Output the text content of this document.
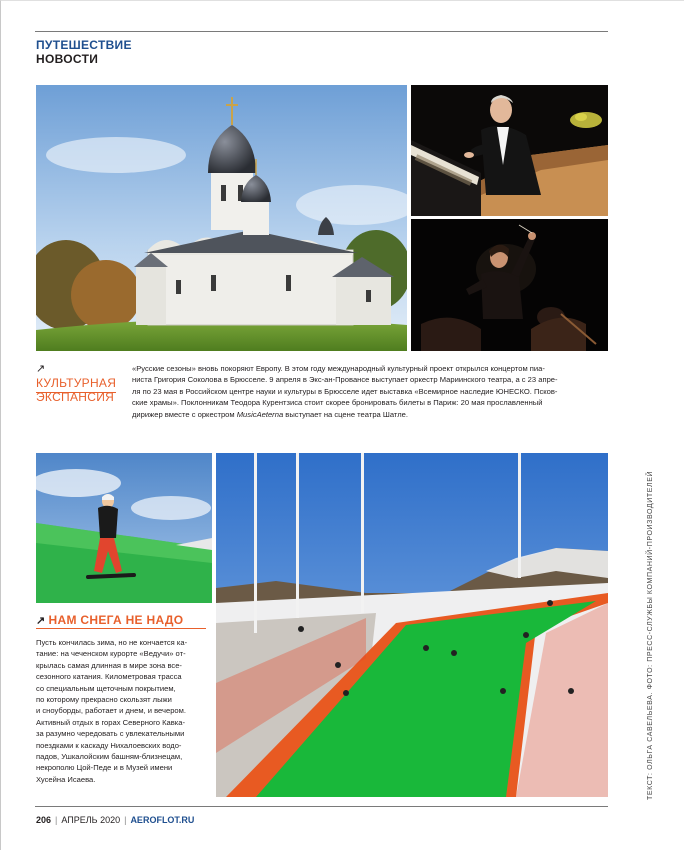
ПУТЕШЕСТВИЕ
НОВОСТИ
↗
КУЛЬТУРНАЯ
ЭКСПАНСИЯ

«Русские сезоны» вновь покоряют Европу. В этом году международный культурный проект открылся концертом пиа-

ниста Григория Соколова в Брюсселе. 9 апреля в Экс-ан-Провансе выступает оркестр Мариинского театра, а с 23 апре-

ля по 23 мая в Российском центре науки и культуры в Брюсселе идет выставка «Всемирное наследие ЮНЕСКО. Псков-

ские храмы». Поклонникам Теодора Курентзиса стоит скорее бронировать билеты в Париж: 20 мая прославленный

дирижер вместе с оркестром MusicAeterna выступает на сцене театра Шатле.

↗ НАМ СНЕГА НЕ НАДО

Пусть кончилась зима, но не кончается ка-

тание: на чеченском курорте «Ведучи» от-

крылась самая длинная в мире зона все-

сезонного катания. Километровая трасса

со специальным щеточным покрытием,

по которому прекрасно скользят лыжи

и сноуборды, работает и днем, и вечером.

Активный отдых в горах Северного Кавка-

за разумно чередовать с увлекательными

поездками к каскаду Нихалоевских водо-

падов, Ушкалойским башням-близнецам,

некрополю Цой-Педе и в Музей имени

Хусейна Исаева.	ТЕКСТ: ОЛЬГА САВЕЛЬЕВА. ФОТО: ПРЕСС-СЛУЖБЫ КОМПАНИЙ-ПРОИЗВОДИТЕЛЕЙ
206 | АПРЕЛЬ 2020 | AEROFLOT.RU
